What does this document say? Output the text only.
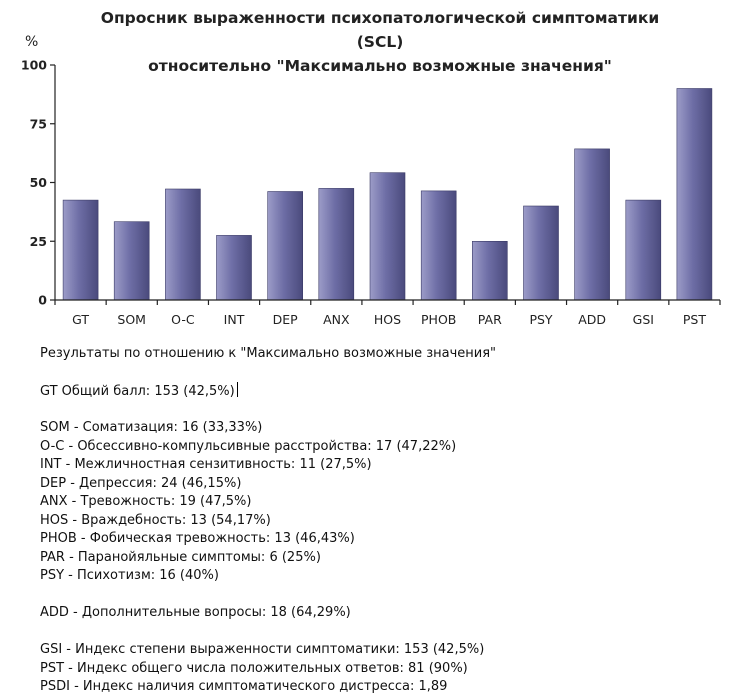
Опросник выраженности психопатологической симптоматики
(SCL)
относительно "Максимально возможные значения"
%
GT SOM O-C INT DEP ANX HOS PHOB PAR PSY ADD GSI PST
0
25
50
75
100
Результаты по отношению к "Максимально возможные значения"
GT Общий балл: 153 (42,5%)
SOM - Соматизация: 16 (33,33%)
O-C - Обсессивно-компульсивные расстройства: 17 (47,22%)
INT - Межличностная сензитивность: 11 (27,5%)
DEP - Депрессия: 24 (46,15%)
ANX - Тревожность: 19 (47,5%)
HOS - Враждебность: 13 (54,17%)
PHOB - Фобическая тревожность: 13 (46,43%)
PAR - Паранойяльные симптомы: 6 (25%)
PSY - Психотизм: 16 (40%)
ADD - Дополнительные вопросы: 18 (64,29%)
GSI - Индекс степени выраженности симптоматики: 153 (42,5%)
PST - Индекс общего числа положительных ответов: 81 (90%)
PSDI - Индекс наличия симптоматического дистресса: 1,89
